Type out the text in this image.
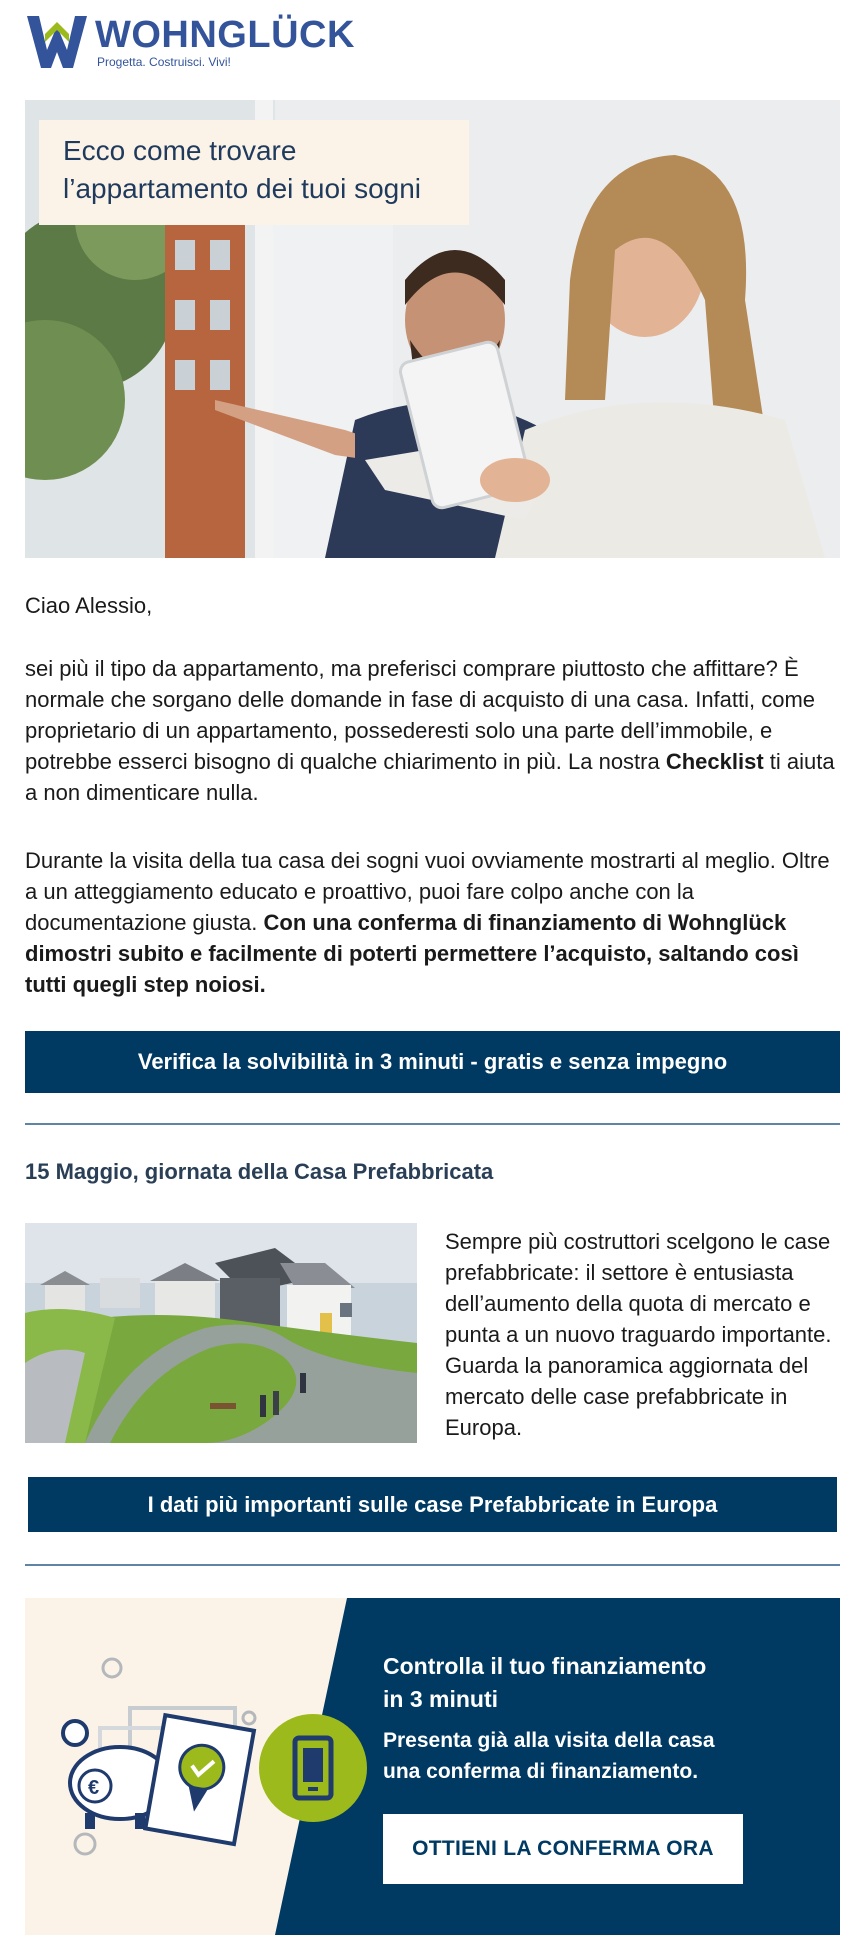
WOHNGLÜCK
Progetta. Costruisci. Vivi!
Ecco come trovare
l’appartamento dei tuoi sogni
Ciao Alessio,
sei più il tipo da appartamento, ma preferisci comprare piuttosto che affittare? È normale che sorgano delle domande in fase di acquisto di una casa. Infatti, come proprietario di un appartamento, possederesti solo una parte dell’immobile, e potrebbe esserci bisogno di qualche chiarimento in più. La nostra Checklist ti aiuta a non dimenticare nulla.
Durante la visita della tua casa dei sogni vuoi ovviamente mostrarti al meglio. Oltre a un atteggiamento educato e proattivo, puoi fare colpo anche con la documentazione giusta. Con una conferma di finanziamento di Wohnglück dimostri subito e facilmente di poterti permettere l’acquisto, saltando così tutti quegli step noiosi.
Verifica la solvibilità in 3 minuti - gratis e senza impegno
15 Maggio, giornata della Casa Prefabbricata
Sempre più costruttori scelgono le case prefabbricate: il settore è entusiasta dell’aumento della quota di mercato e punta a un nuovo traguardo importante. Guarda la panoramica aggiornata del mercato delle case prefabbricate in Europa.
I dati più importanti sulle case Prefabbricate in Europa
€
Controlla il tuo finanziamento
in 3 minuti
Presenta già alla visita della casa
una conferma di finanziamento.
OTTIENI LA CONFERMA ORA
